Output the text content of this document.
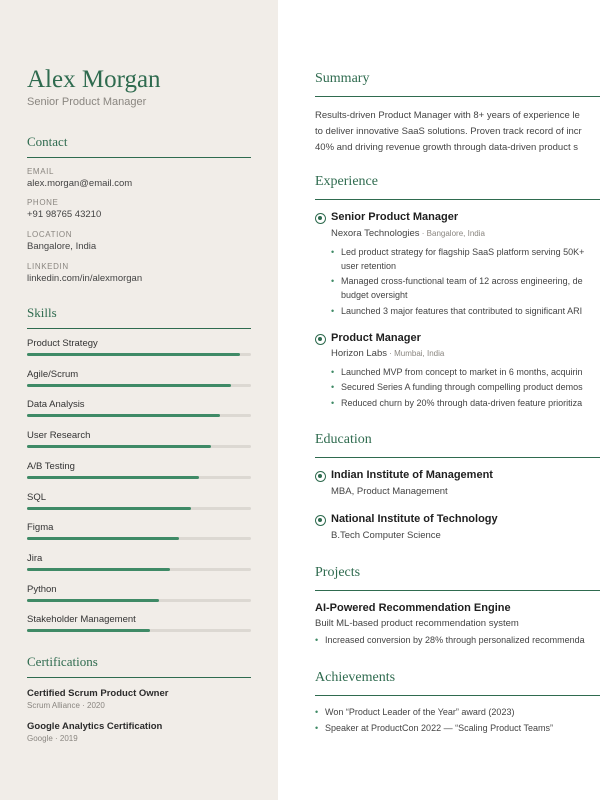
Alex Morgan
Senior Product Manager
Contact
EMAIL
alex.morgan@email.com
PHONE
+91 98765 43210
LOCATION
Bangalore, India
LINKEDIN
linkedin.com/in/alexmorgan
Skills
Product Strategy
Agile/Scrum
Data Analysis
User Research
A/B Testing
SQL
Figma
Jira
Python
Stakeholder Management
Certifications
Certified Scrum Product Owner
Scrum Alliance · 2020
Google Analytics Certification
Google · 2019
Summary
Results-driven Product Manager with 8+ years of experience le
to deliver innovative SaaS solutions. Proven track record of incr
40% and driving revenue growth through data-driven product s
Experience
Senior Product Manager
Nexora Technologies · Bangalore, India
• Led product strategy for flagship SaaS platform serving 50K+
user retention
• Managed cross-functional team of 12 across engineering, de
budget oversight
• Launched 3 major features that contributed to significant ARI
Product Manager
Horizon Labs · Mumbai, India
• Launched MVP from concept to market in 6 months, acquirin
• Secured Series A funding through compelling product demos
• Reduced churn by 20% through data-driven feature prioritiza
Education
Indian Institute of Management
MBA, Product Management
National Institute of Technology
B.Tech Computer Science
Projects
AI-Powered Recommendation Engine
Built ML-based product recommendation system
• Increased conversion by 28% through personalized recommenda
Achievements
• Won “Product Leader of the Year” award (2023)
• Speaker at ProductCon 2022 — “Scaling Product Teams”
